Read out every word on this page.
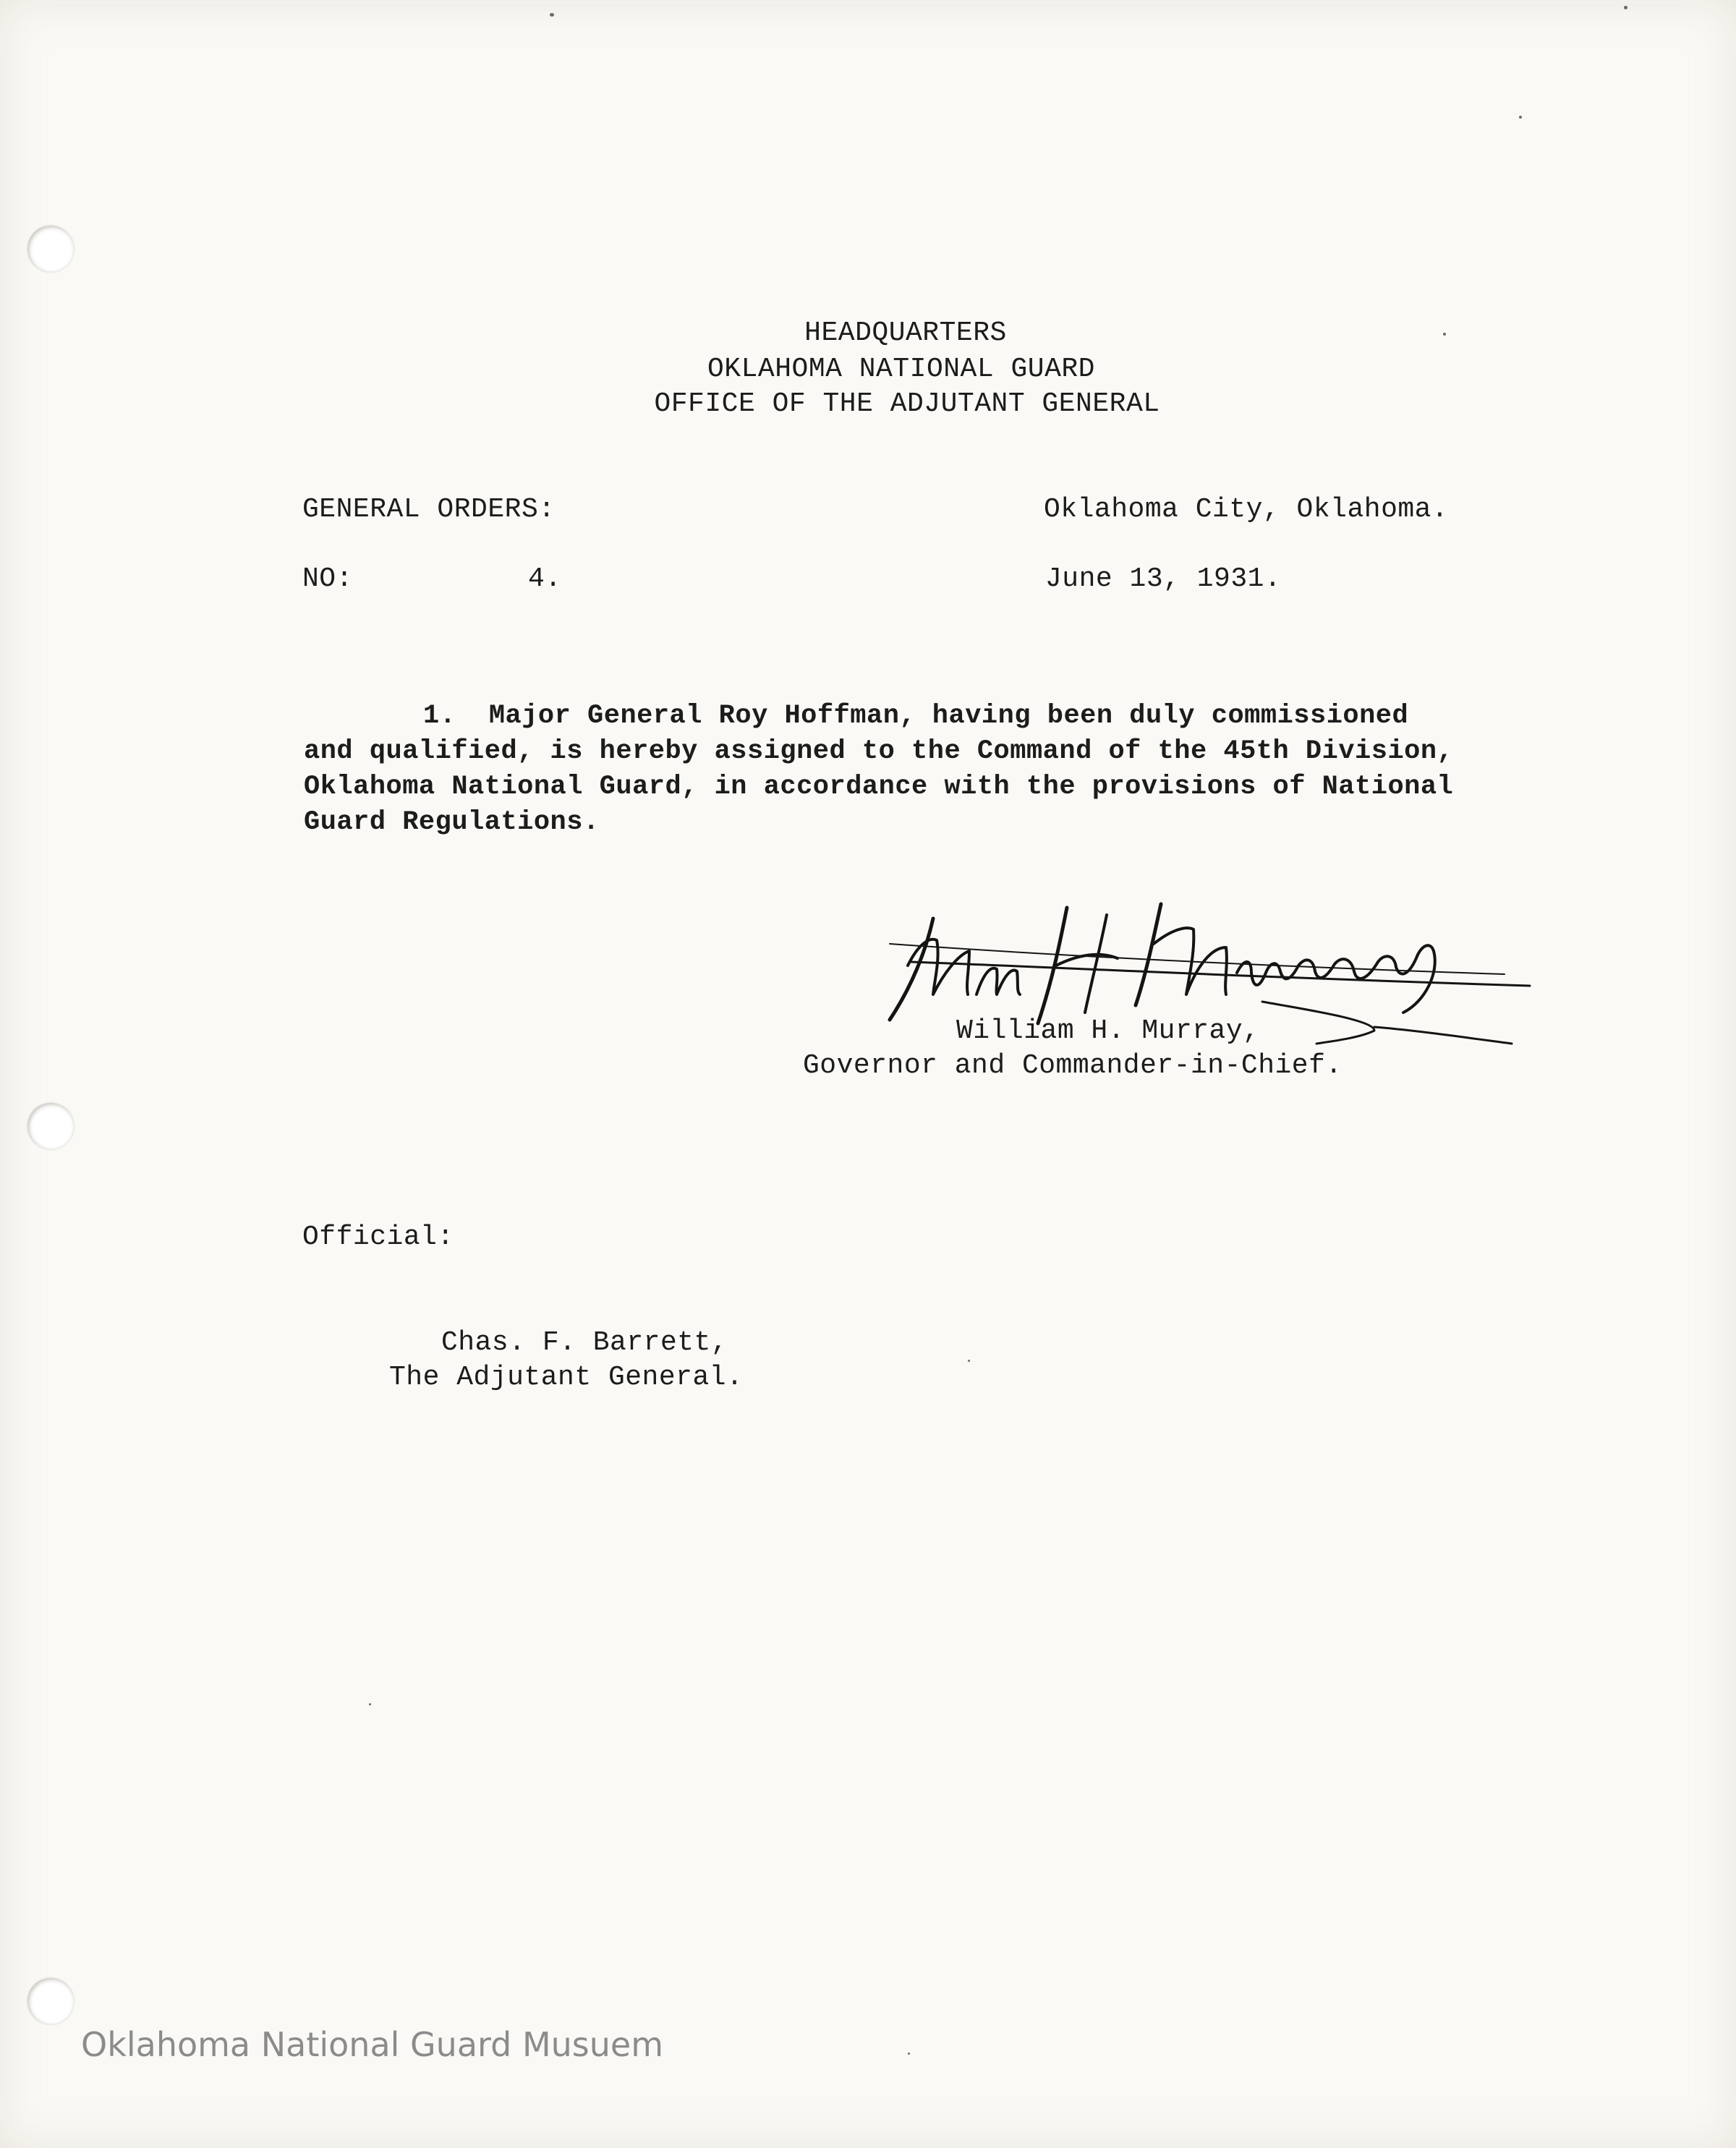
HEADQUARTERS
OKLAHOMA NATIONAL GUARD
OFFICE OF THE ADJUTANT GENERAL
GENERAL ORDERS:	Oklahoma City, Oklahoma.
NO:	4.	June 13, 1931.
1.  Major General Roy Hoffman, having been duly commissioned
and qualified, is hereby assigned to the Command of the 45th Division,
Oklahoma National Guard, in accordance with the provisions of National
Guard Regulations.
William H. Murray,
Governor and Commander-in-Chief.
Official:
Chas. F. Barrett,
The Adjutant General.
Oklahoma National Guard Musuem
